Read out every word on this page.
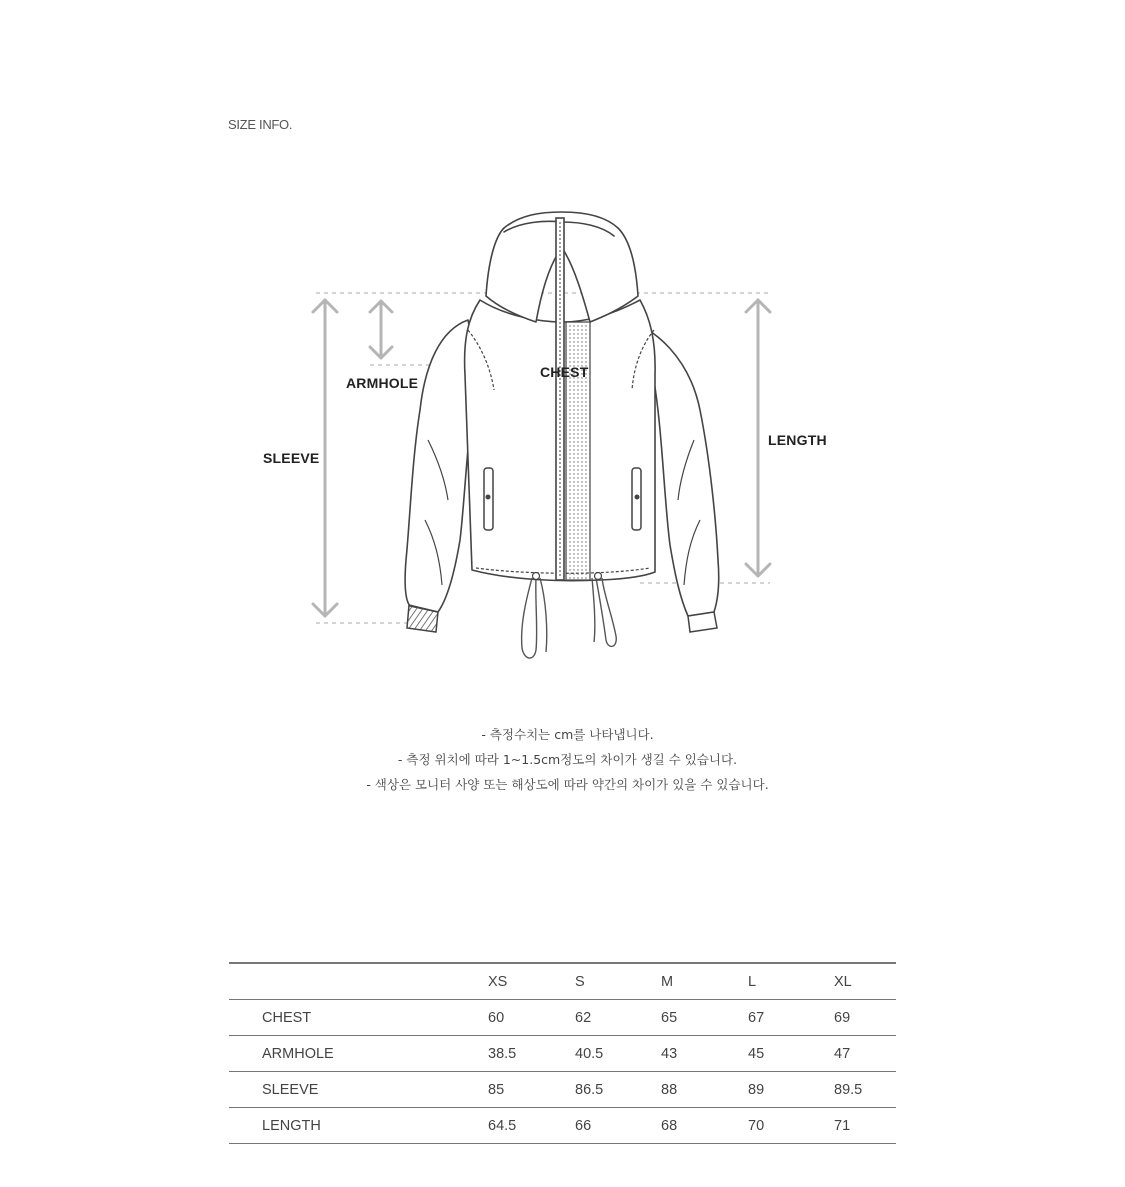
SIZE INFO.
ARMHOLE
CHEST
SLEEVE
LENGTH
- 측정수치는 cm를 나타냅니다.
- 측정 위치에 따라 1~1.5cm정도의 차이가 생길 수 있습니다.
- 색상은 모니터 사양 또는 해상도에 따라 약간의 차이가 있을 수 있습니다.
	XS	S	M	L	XL
CHEST	60	62	65	67	69
ARMHOLE	38.5	40.5	43	45	47
SLEEVE	85	86.5	88	89	89.5
LENGTH	64.5	66	68	70	71
